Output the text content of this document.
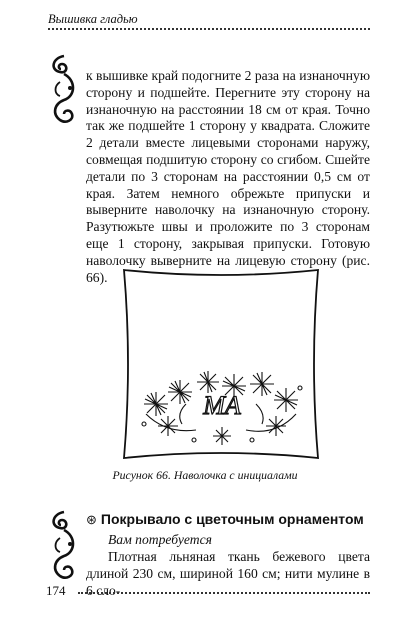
Вышивка гладью

к вышивке край подогните 2 раза на изнаночную сторону и подшейте. Перегните эту сторону на изнаночную на расстоянии 18 см от края. Точно так же подшейте 1 сторону у квадрата. Сложите 2 детали вместе лицевыми сторонами наружу, совмещая подшитую сторону со сгибом. Сшейте детали по 3 сторонам на расстоянии 0,5 см от края. Затем немного обрежьте припуски и выверните наволочку на изнаночную сторону. Разутюжьте швы и проложите по 3 сторонам еще 1 сторону, закрывая припуски. Готовую наволочку выверните на лицевую сторону (рис. 66).

МА
Рисунок 66. Наволочка с инициалами
⊛ Покрывало с цветочным орнаментом
Вам потребуется

Плотная льняная ткань бежевого цвета длиной 230 см, шириной 160 см; нити мулине в 6 сло-

174
